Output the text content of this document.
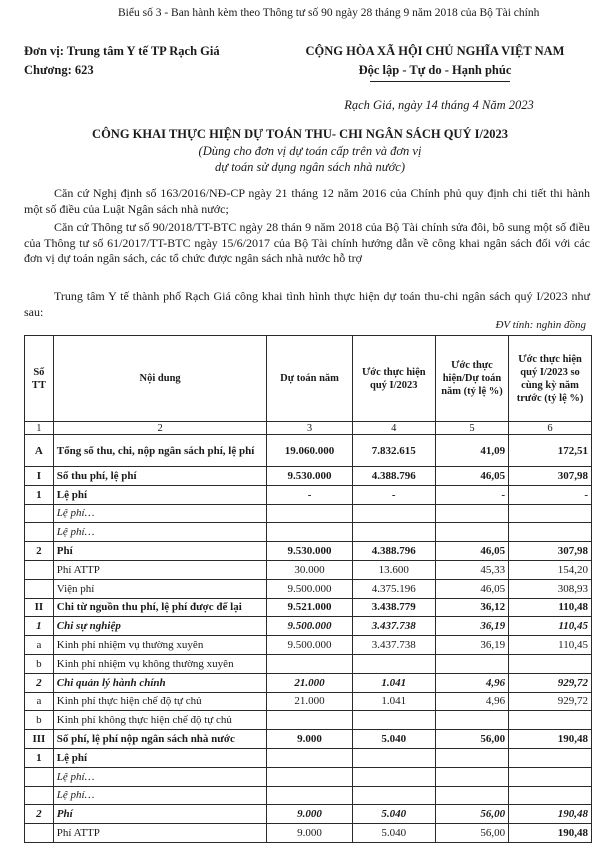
Biểu số 3 - Ban hành kèm theo Thông tư số 90 ngày 28 tháng 9 năm 2018 của Bộ Tài chính
Đơn vị: Trung tâm Y tế TP Rạch Giá
Chương: 623
CỘNG HÒA XÃ HỘI CHỦ NGHĨA VIỆT NAM
Độc lập - Tự do - Hạnh phúc
Rạch Giá, ngày 14 tháng 4 Năm 2023
CÔNG KHAI THỰC HIỆN DỰ TOÁN THU- CHI NGÂN SÁCH QUÝ I/2023
(Dùng cho đơn vị dự toán cấp trên và đơn vị
dự toán sử dụng ngân sách nhà nước)

Căn cứ Nghị định số 163/2016/NĐ-CP ngày 21 tháng 12 năm 2016 của Chính phủ quy định chi tiết thi hành một số điều của Luật Ngân sách nhà nước;

Căn cứ Thông tư số 90/2018/TT-BTC ngày 28 thán 9 năm 2018 của Bộ Tài chính sửa đôi, bô sung một số điều của Thông tư số 61/2017/TT-BTC ngày 15/6/2017 của Bộ Tài chính hướng dẫn về công khai ngân sách đối với các đơn vị dự toán ngân sách, các tổ chức được ngân sách nhà nước hỗ trợ

Trung tâm Y tế thành phố Rạch Giá công khai tình hình thực hiện dự toán thu-chi ngân sách quý I/2023 như sau:

ĐV tính: nghìn đồng
Số TT	Nội dung	Dự toán năm	Ước thực hiện quý I/2023	Ước thực hiện/Dự toán năm (tỷ lệ %)	Ước thực hiện quý I/2023 so cùng kỳ năm trước (tỷ lệ %)
1	2	3	4	5	6
A	Tổng số thu, chi, nộp ngân sách phí, lệ phí	19.060.000	7.832.615	41,09	172,51
I	Số thu phí, lệ phí	9.530.000	4.388.796	46,05	307,98
1	Lệ phí	-	-	-	-
	Lệ phí…				
	Lệ phí…				
2	Phí	9.530.000	4.388.796	46,05	307,98
	Phí ATTP	30.000	13.600	45,33	154,20
	Viện phí	9.500.000	4.375.196	46,05	308,93
II	Chi từ nguồn thu phí, lệ phí được để lại	9.521.000	3.438.779	36,12	110,48
1	Chi sự nghiệp	9.500.000	3.437.738	36,19	110,45
a	Kinh phí nhiệm vụ thường xuyên	9.500.000	3.437.738	36,19	110,45
b	Kinh phí nhiệm vụ không thường xuyên				
2	Chi quản lý hành chính	21.000	1.041	4,96	929,72
a	Kinh phí thực hiện chế độ tự chủ	21.000	1.041	4,96	929,72
b	Kinh phí không thực hiện chế độ tự chủ				
III	Số phí, lệ phí nộp ngân sách nhà nước	9.000	5.040	56,00	190,48
1	Lệ phí				
	Lệ phí…				
	Lệ phí…				
2	Phí	9.000	5.040	56,00	190,48
	Phí ATTP	9.000	5.040	56,00	190,48
